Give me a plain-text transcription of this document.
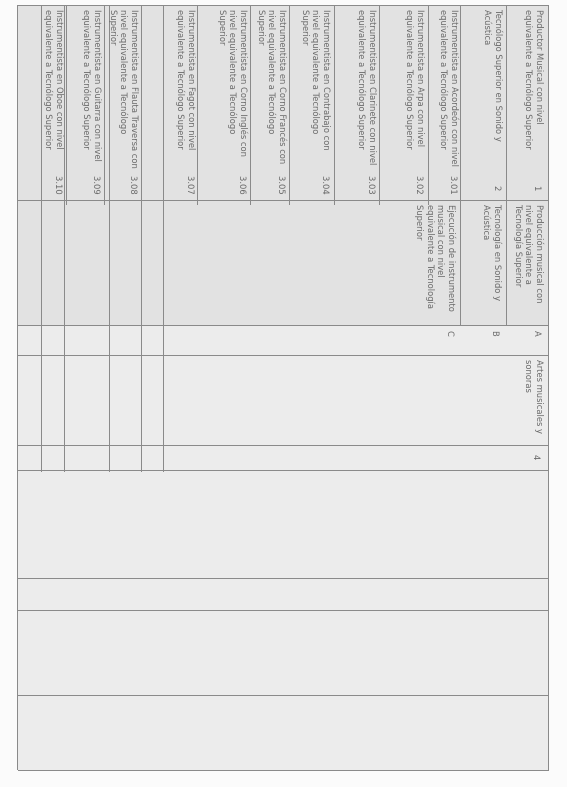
4
Artes musicales y sonoras
A
B
C
Producción musical con nivel equivalente a Tecnología Superior
Tecnología en Sonido y Acústica
Ejecución de instrumento musical con nivel equivalente a Tecnología Superior
1
2
3.01
3.02
3.03
3.04
3.05
3.06
3.07
3.08
3.09
3.10
Productor Musical con nivel equivalente a Tecnólogo Superior
Tecnólogo Superior en Sonido y Acústica
Instrumentista en Acordeón con nivel equivalente a Tecnólogo Superior
Instrumentista en Arpa con nivel equivalente a Tecnólogo Superior
Instrumentista en Clarinete con nivel equivalente a Tecnólogo Superior
Instrumentista en Contrabajo con nivel equivalente a Tecnólogo Superior
Instrumentista en Corno Francés con nivel equivalente a Tecnólogo Superior
Instrumentista en Corno Inglés con nivel equivalente a Tecnólogo Superior
Instrumentista en Fagot con nivel equivalente a Tecnólogo Superior
Instrumentista en Flauta Traversa con nivel equivalente a Tecnólogo Superior
Instrumentista en Guitarra con nivel equivalente a Tecnólogo Superior
Instrumentista en Oboe con nivel equivalente a Tecnólogo Superior
